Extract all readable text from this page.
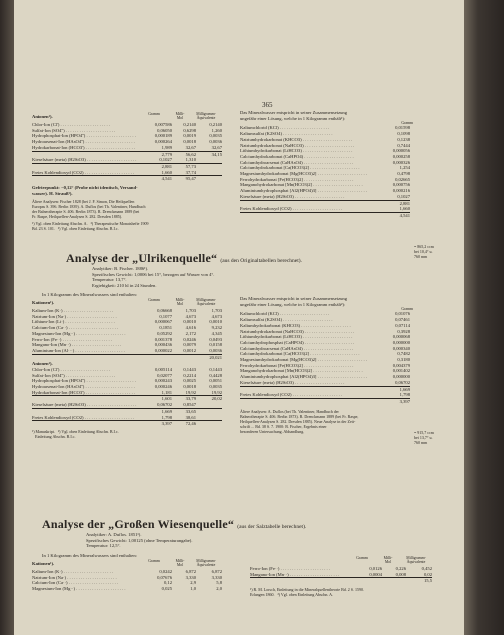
365
Anionen¹).	Gramm	Milli-
Mol
Milligramm-
Äquivalente
Chlor-Ion (Cl') . . . . . . . . . . . . . . . . . . . . . .	0,007586	0,2140	0,2140
Sulfat-Ion (SO4'') . . . . . . . . . . . . . . . . . . . . . .	0,06050	0,6298	1,260
Hydrophosphat-Ion (HPO4'') . . . . . . . . . . . . . . . . . . . . . .	0,000189	0,0019	0,0035
Hydroarsenat-Ion (HAsO4'') . . . . . . . . . . . . . . . . . . . . . .	0,000264	0,0018	0,0036
Hydrokarbonat-Ion (HCO3') . . . . . . . . . . . . . . . . . . . . . .	1,989	32,67	32,67
2,779	56,62	34,15
Kieselsäure (meta) (H2SiO3) . . . . . . . . . . . . . . . . . . . . . .	0,1027	1,310
2,881	57,73
Freies Kohlendioxyd (CO2) . . . . . . . . . . . . . . . . . . . . . .	1,660	37,74
4,541	95,47
Gefrierpunkt: −0,12° (Probe nicht identisch, Versand-
wasser). H. Strauß³).
Ältere Analysen: Fischer 1828 (bei J. F. Simon, Die Heilquellen
Europas S. 396. Berlin 1839). A. Duflos (bei Th. Valentiner, Handbuch
der Balneotherapie S. 406. Berlin 1873). R. Drenckmann 1889 (bei
Fr. Raspe, Heilquellen-Analysen S. 282. Dresden 1885).
¹) Vgl. oben Einleitung Abschn. A.   ²) Therapeutische Monatshefte 1909
Bd. 23 S. 101.   ³) Vgl. oben Einleitung Abschn. B.I.c.
Das Mineralwasser entspricht in seiner Zusammensetzung
ungefähr einer Lösung, welche in 1 Kilogramm enthält¹):
Gramm
Kaliumchlorid (KCl) . . . . . . . . . . . . . . . . . . . . . .	0,01598
Kaliumsulfat (K2SO4) . . . . . . . . . . . . . . . . . . . . . .	0,1098
Natriumhydrokarbonat (KHCO3) . . . . . . . . . . . . . . . . . . . . . .	0,1238
Natriumhydrokarbonat (NaHCO3) . . . . . . . . . . . . . . . . . . . . . .	0,7444
Lithiumhydrokarbonat (LiHCO3) . . . . . . . . . . . . . . . . . . . . . .	0,000056
Calciumhydrokarbonat (CaHPO4) . . . . . . . . . . . . . . . . . . . . . .	0,000258
Calciumhydroarsenat (CaHAsO4) . . . . . . . . . . . . . . . . . . . . . .	0,000326
Calciumhydrokarbonat [Ca(HCO3)2] . . . . . . . . . . . . . . . . . . . . . .	1,254
Magnesiumhydrokarbonat [Mg(HCO3)2] . . . . . . . . . . . . . . . . . . . . . .	0,4798
Ferrohydrokarbonat [Fe(HCO3)2] . . . . . . . . . . . . . . . . . . . . . .	0,02665
Manganohydrokarbonat [Mn(HCO3)2] . . . . . . . . . . . . . . . . . . . . . .	0,000756
Aluminiumhydrophosphat [Al2(HPO4)3] . . . . . . . . . . . . . . . . . . . . . .	0,000216
Kieselsäure (meta) (H2SiO3) . . . . . . . . . . . . . . . . . . . . . .	0,1027
2,881
Freies Kohlendioxyd (CO2) . . . . . . . . . . . . . . . . . . . . . .	1,660
4,541
= 865,2 ccm
bei 10,4° u.
760 mm
Analyse der „Ulrikenquelle“ (aus den Originaltabellen berechnet).
Analytiker: B. Fischer. 1886¹).
Spezifisches Gewicht: 1,0006 bei 15°, bezogen auf Wasser von 4°.
Temperatur: 13,7°.
Ergiebigkeit: 210 hl in 24 Stunden.
In 1 Kilogramm des Mineralwassers sind enthalten:
Kationen¹).	Gramm	Milli-
Mol
Milligramm-
Äquivalente
Kalium-Ion (K·) . . . . . . . . . . . . . . . . . . . . . .	0,06668	1,703	1,703
Natrium-Ion (Na·) . . . . . . . . . . . . . . . . . . . . . .	0,1077	4,673	4,673
Lithium-Ion (Li·) . . . . . . . . . . . . . . . . . . . . . .	0,000067	0,0010	0,0010
Calcium-Ion (Ca··) . . . . . . . . . . . . . . . . . . . . . .	0,1851	4,616	9,232
Magnesium-Ion (Mg··) . . . . . . . . . . . . . . . . . . . . . .	0,05292	2,172	4,345
Ferro-Ion (Fe··) . . . . . . . . . . . . . . . . . . . . . .	0,001378	0,0246	0,0493
Mangano-Ion (Mn··) . . . . . . . . . . . . . . . . . . . . . .	0,000436	0,0079	0,0158
Aluminium-Ion (Al···) . . . . . . . . . . . . . . . . . . . . . .	0,000022	0,0012	0,0036
20,021
Anionen¹).
Chlor-Ion (Cl') . . . . . . . . . . . . . . . . . . . . . .	0,005114	0,1443	0,1443
Sulfat-Ion (SO4'') . . . . . . . . . . . . . . . . . . . . . .	0,02077	0,2214	0,4428
Hydrophosphat-Ion (HPO4'') . . . . . . . . . . . . . . . . . . . . . .	0,000243	0,0025	0,0051
Hydroarsenat-Ion (HAsO4'') . . . . . . . . . . . . . . . . . . . . . .	0,000246	0,0018	0,0035
Hydrokarbonat-Ion (HCO3') . . . . . . . . . . . . . . . . . . . . . .	1,181	19,92	19,92
1,601	33,79	20,02
Kieselsäure (meta) (H2SiO3) . . . . . . . . . . . . . . . . . . . . . .	0,06702	0,8547
1,669	33,65
Freies Kohlendioxyd (CO2) . . . . . . . . . . . . . . . . . . . . . .	1,798	38,61
3,397	72,46
¹) Manuskript.   ²) Vgl. oben Einleitung Abschn. B.I.c.
Einleitung Abschn. B.I.c.
Das Mineralwasser entspricht in seiner Zusammensetzung
ungefähr einer Lösung, welche in 1 Kilogramm enthält²):
Gramm
Kaliumchlorid (KCl) . . . . . . . . . . . . . . . . . . . . . .	0,01076
Kaliumsulfat (K2SO4) . . . . . . . . . . . . . . . . . . . . . .	0,07461
Kaliumhydrokarbonat (KHCO3) . . . . . . . . . . . . . . . . . . . . . .	0,07114
Natriumhydrokarbonat (NaHCO3) . . . . . . . . . . . . . . . . . . . . . .	0,3928
Lithiumhydrokarbonat (LiHCO3) . . . . . . . . . . . . . . . . . . . . . .	0,000068
Calciumhydrophosphat (CaHPO4) . . . . . . . . . . . . . . . . . . . . . .	0,000000
Calciumhydroarsenat (CaHAsO4) . . . . . . . . . . . . . . . . . . . . . .	0,000340
Calciumhydrokarbonat [Ca(HCO3)2] . . . . . . . . . . . . . . . . . . . . . .	0,7482
Magnesiumhydrokarbonat [Mg(HCO3)2] . . . . . . . . . . . . . . . . . . . . . .	0,3180
Ferrohydrokarbonat [Fe(HCO3)2] . . . . . . . . . . . . . . . . . . . . . .	0,004379
Manganohydrokarbonat [Mn(HCO3)2] . . . . . . . . . . . . . . . . . . . . . .	0,001402
Aluminiumhydrophosphat [Al2(HPO4)3] . . . . . . . . . . . . . . . . . . . . . .	0,000000
Kieselsäure (meta) (H2SiO3) . . . . . . . . . . . . . . . . . . . . . .	0,06702
1,669
Freies Kohlendioxyd (CO2) . . . . . . . . . . . . . . . . . . . . . .	1,798
3,397
= 915,7 ccm
bei 13,7° u.
760 mm
Ältere Analysen: A. Duflos (bei Th. Valentiner, Handbuch der
Balneotherapie S. 406. Berlin 1873). R. Drenckmann 1889 (bei Fr. Raspe,
Heilquellen-Analysen S. 282. Dresden 1885). Neue Analyse in der Zeit-
schrift ... Bd. 38 S. 7. 1900: B. Fischer, Ergebnis einer
besonderen Untersuchung. Abhandlung.
Analyse der „Großen Wiesenquelle“ (aus der Salztabelle berechnet).
Analytiker: A. Duflos. 1851¹).
Spezifisches Gewicht: 1,00125 (ohne Temperaturangabe).
Temperatur: 12,5°.
In 1 Kilogramm des Mineralwassers sind enthalten:
Kationen¹).	Gramm	Milli-
Mol
Milligramm-
Äquivalente
Kalium-Ion (K·) . . . . . . . . . . . . . . . . . . . . . .	0,0242	6,872	6,872
Natrium-Ion (Na·) . . . . . . . . . . . . . . . . . . . . . .	0,07676	3,330	3,330
Calcium-Ion (Ca··) . . . . . . . . . . . . . . . . . . . . . .	0,12	2,9	5,8
Magnesium-Ion (Mg··) . . . . . . . . . . . . . . . . . . . . . .	0,025	1,0	2,0
Gramm	Milli-
Mol
Milligramm-
Äquivalente
Ferro-Ion (Fe··) . . . . . . . . . . . . . . . . . . . . . .	0,0126	0,226	0,452
Mangano-Ion (Mn··) . . . . . . . . . . . . . . . . . . . . . .	0,0004	0,008	0,02
15,5
¹) R. M. Lorsch, Einleitung in die Mineralquellentheorie Bd. 2 S. 1590.
Erlangen 1860.   ²) Vgl. oben Einleitung Abschn. A.
